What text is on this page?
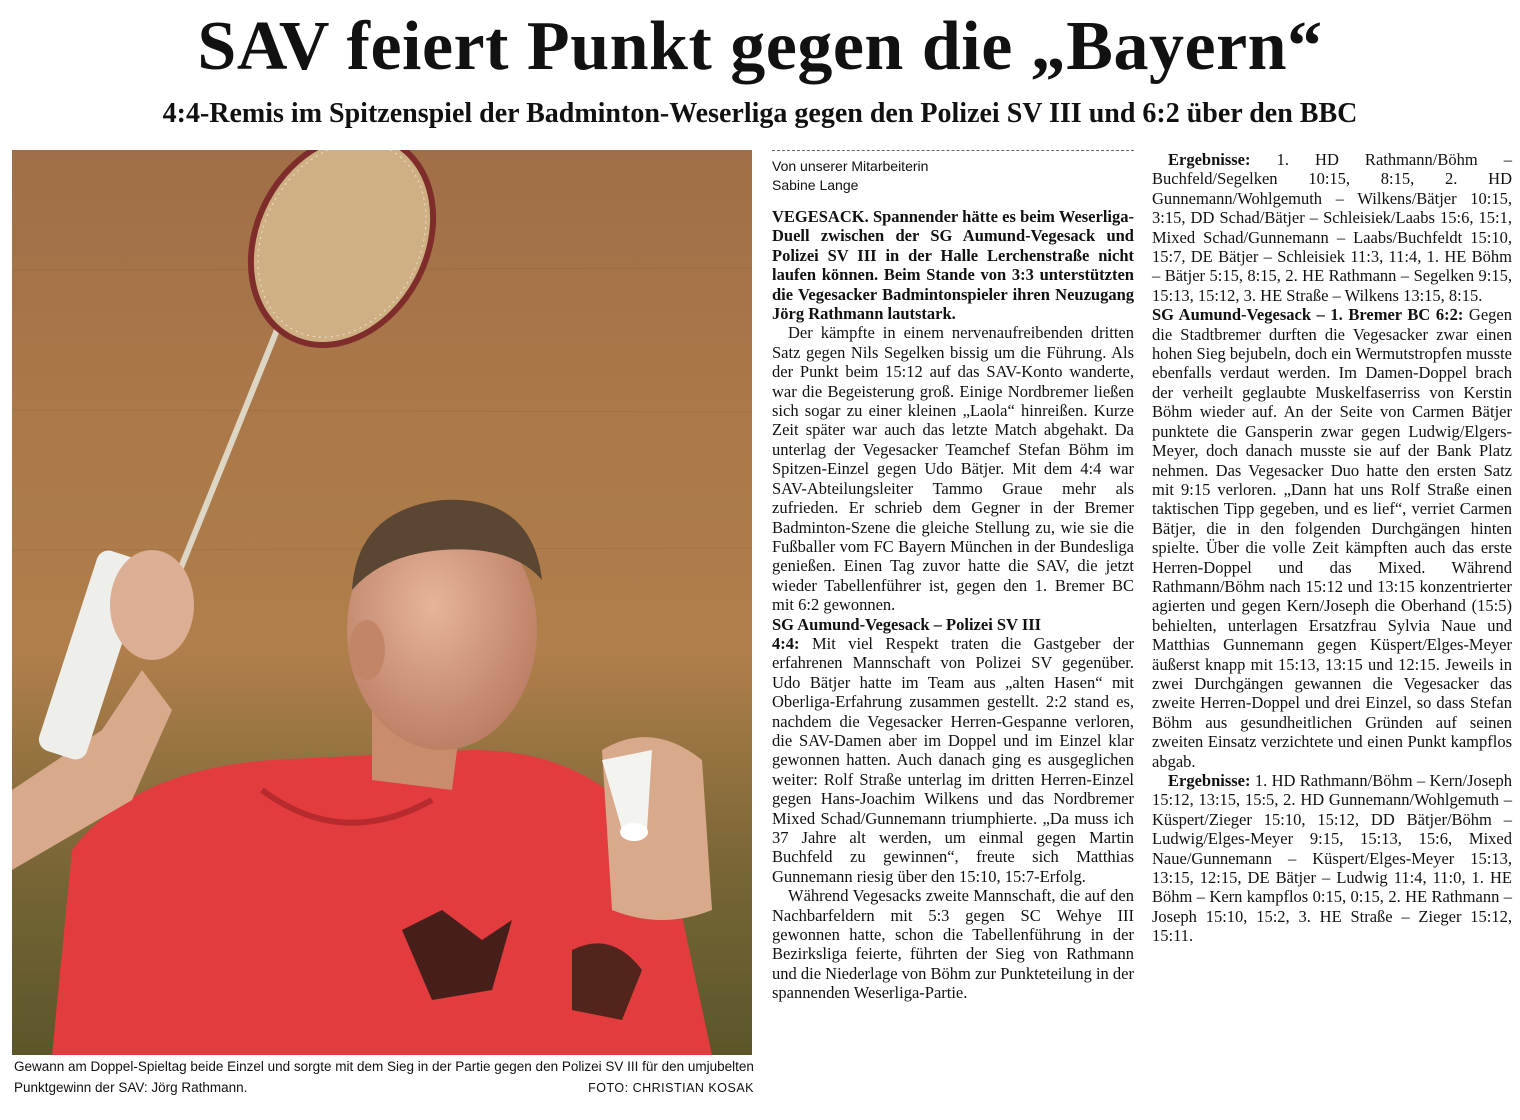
SAV feiert Punkt gegen die „Bayern“
4:4-Remis im Spitzenspiel der Badminton-Weserliga gegen den Polizei SV III und 6:2 über den BBC
Gewann am Doppel-Spieltag beide Einzel und sorgte mit dem Sieg in der Partie gegen den Polizei SV III für den umjubelten Punktgewinn der SAV: Jörg Rathmann.	FOTO: CHRISTIAN KOSAK
Von unserer Mitarbeiterin
Sabine Lange

VEGESACK. Spannender hätte es beim Weserliga-Duell zwischen der SG Aumund-Vegesack und Polizei SV III in der Halle Lerchenstraße nicht laufen können. Beim Stande von 3:3 unterstützten die Vegesacker Badmintonspieler ihren Neuzugang Jörg Rathmann lautstark.

Der kämpfte in einem nervenaufreibenden dritten Satz gegen Nils Segelken bissig um die Führung. Als der Punkt beim 15:12 auf das SAV-Konto wanderte, war die Begeisterung groß. Einige Nordbremer ließen sich sogar zu einer kleinen „Laola“ hinreißen. Kurze Zeit später war auch das letzte Match abgehakt. Da unterlag der Vegesacker Teamchef Stefan Böhm im Spitzen-Einzel gegen Udo Bätjer. Mit dem 4:4 war SAV-Abteilungsleiter Tammo Graue mehr als zufrieden. Er schrieb dem Gegner in der Bremer Badminton-Szene die gleiche Stellung zu, wie sie die Fußballer vom FC Bayern München in der Bundesliga genießen. Einen Tag zuvor hatte die SAV, die jetzt wieder Tabellenführer ist, gegen den 1. Bremer BC mit 6:2 gewonnen.

SG Aumund-Vegesack – Polizei SV III

4:4: Mit viel Respekt traten die Gastgeber der erfahrenen Mannschaft von Polizei SV gegenüber. Udo Bätjer hatte im Team aus „alten Hasen“ mit Oberliga-Erfahrung zusammen gestellt. 2:2 stand es, nachdem die Vegesacker Herren-Gespanne verloren, die SAV-Damen aber im Doppel und im Einzel klar gewonnen hatten. Auch danach ging es ausgeglichen weiter: Rolf Straße unterlag im dritten Herren-Einzel gegen Hans-Joachim Wilkens und das Nordbremer Mixed Schad/Gunnemann triumphierte. „Da muss ich 37 Jahre alt werden, um einmal gegen Martin Buchfeld zu gewinnen“, freute sich Matthias Gunnemann riesig über den 15:10, 15:7-Erfolg.

Während Vegesacks zweite Mannschaft, die auf den Nachbarfeldern mit 5:3 gegen SC Wehye III gewonnen hatte, schon die Tabellenführung in der Bezirksliga feierte, führten der Sieg von Rathmann und die Niederlage von Böhm zur Punkteteilung in der spannenden Weserliga-Partie.

Ergebnisse: 1. HD Rathmann/Böhm – Buchfeld/Segelken 10:15, 8:15, 2. HD Gunnemann/Wohlgemuth – Wilkens/Bätjer 10:15, 3:15, DD Schad/Bätjer – Schleisiek/Laabs 15:6, 15:1, Mixed Schad/Gunnemann – Laabs/Buchfeldt 15:10, 15:7, DE Bätjer – Schleisiek 11:3, 11:4, 1. HE Böhm – Bätjer 5:15, 8:15, 2. HE Rathmann – Segelken 9:15, 15:13, 15:12, 3. HE Straße – Wilkens 13:15, 8:15.

SG Aumund-Vegesack – 1. Bremer BC 6:2: Gegen die Stadtbremer durften die Vegesacker zwar einen hohen Sieg bejubeln, doch ein Wermutstropfen musste ebenfalls verdaut werden. Im Damen-Doppel brach der verheilt geglaubte Muskelfaserriss von Kerstin Böhm wieder auf. An der Seite von Carmen Bätjer punktete die Gansperin zwar gegen Ludwig/Elgers-Meyer, doch danach musste sie auf der Bank Platz nehmen. Das Vegesacker Duo hatte den ersten Satz mit 9:15 verloren. „Dann hat uns Rolf Straße einen taktischen Tipp gegeben, und es lief“, verriet Carmen Bätjer, die in den folgenden Durchgängen hinten spielte. Über die volle Zeit kämpften auch das erste Herren-Doppel und das Mixed. Während Rathmann/Böhm nach 15:12 und 13:15 konzentrierter agierten und gegen Kern/Joseph die Oberhand (15:5) behielten, unterlagen Ersatzfrau Sylvia Naue und Matthias Gunnemann gegen Küspert/Elges-Meyer äußerst knapp mit 15:13, 13:15 und 12:15. Jeweils in zwei Durchgängen gewannen die Vegesacker das zweite Herren-Doppel und drei Einzel, so dass Stefan Böhm aus gesundheitlichen Gründen auf seinen zweiten Einsatz verzichtete und einen Punkt kampflos abgab.

Ergebnisse: 1. HD Rathmann/Böhm – Kern/Joseph 15:12, 13:15, 15:5, 2. HD Gunnemann/Wohlgemuth – Küspert/Zieger 15:10, 15:12, DD Bätjer/Böhm – Ludwig/Elges-Meyer 9:15, 15:13, 15:6, Mixed Naue/Gunnemann – Küspert/Elges-Meyer 15:13, 13:15, 12:15, DE Bätjer – Ludwig 11:4, 11:0, 1. HE Böhm – Kern kampflos 0:15, 0:15, 2. HE Rathmann – Joseph 15:10, 15:2, 3. HE Straße – Zieger 15:12, 15:11.
